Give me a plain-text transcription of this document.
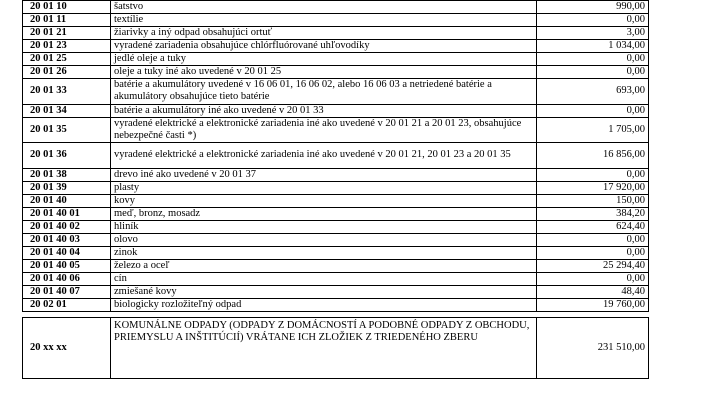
20 01 10	šatstvo	990,00
20 01 11	textílie	0,00
20 01 21	žiarivky a iný odpad obsahujúci ortuť	3,00
20 01 23	vyradené zariadenia obsahujúce chlórfluórované uhľovodíky	1 034,00
20 01 25	jedlé oleje a tuky	0,00
20 01 26	oleje a tuky iné ako uvedené v 20 01 25	0,00
20 01 33	batérie a akumulátory uvedené v 16 06 01, 16 06 02, alebo 16 06 03 a netriedené batérie a akumulátory obsahujúce tieto batérie	693,00
20 01 34	batérie a akumulátory iné ako uvedené v 20 01 33	0,00
20 01 35	vyradené elektrické a elektronické zariadenia iné ako uvedené v 20 01 21 a 20 01 23, obsahujúce nebezpečné časti *)	1 705,00
20 01 36	vyradené elektrické a elektronické zariadenia iné ako uvedené v 20 01 21, 20 01 23 a 20 01 35	16 856,00
20 01 38	drevo iné ako uvedené v 20 01 37	0,00
20 01 39	plasty	17 920,00
20 01 40	kovy	150,00
20 01 40 01	meď, bronz, mosadz	384,20
20 01 40 02	hliník	624,40
20 01 40 03	olovo	0,00
20 01 40 04	zinok	0,00
20 01 40 05	železo a oceľ	25 294,40
20 01 40 06	cín	0,00
20 01 40 07	zmiešané kovy	48,40
20 02 01	biologicky rozložiteľný odpad	19 760,00
20 xx xx	KOMUNÁLNE ODPADY (ODPADY Z DOMÁCNOSTÍ A PODOBNÉ ODPADY Z OBCHODU, PRIEMYSLU A INŠTITÚCIÍ) VRÁTANE ICH ZLOŽIEK Z TRIEDENÉHO ZBERU	231 510,00
